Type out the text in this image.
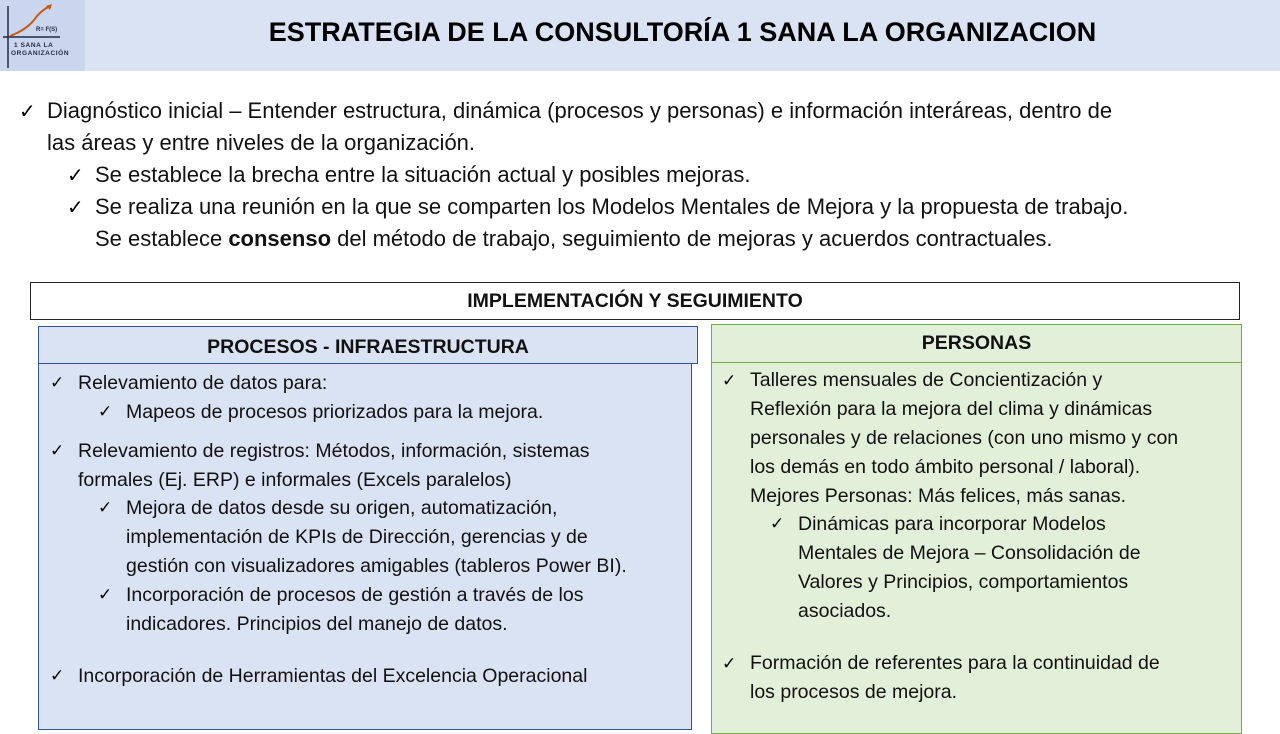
R= F(S)
1 SANA LA
ORGANIZACIÓN
ESTRATEGIA DE LA CONSULTORÍA 1 SANA LA ORGANIZACION
✓ Diagnóstico inicial – Entender estructura, dinámica (procesos y personas) e información interáreas, dentro de
las áreas y entre niveles de la organización.
✓ Se establece la brecha entre la situación actual y posibles mejoras.
✓ Se realiza una reunión en la que se comparten los Modelos Mentales de Mejora y la propuesta de trabajo.
Se establece consenso del método de trabajo, seguimiento de mejoras y acuerdos contractuales.
IMPLEMENTACIÓN Y SEGUIMIENTO
PROCESOS - INFRAESTRUCTURA
✓ Relevamiento de datos para:
✓ Mapeos de procesos priorizados para la mejora.
✓ Relevamiento de registros: Métodos, información, sistemas
formales (Ej. ERP) e informales (Excels paralelos)
✓ Mejora de datos desde su origen, automatización,
implementación de KPIs de Dirección, gerencias y de
gestión con visualizadores amigables (tableros Power BI).
✓ Incorporación de procesos de gestión a través de los
indicadores. Principios del manejo de datos.
✓ Incorporación de Herramientas del Excelencia Operacional
PERSONAS
✓ Talleres mensuales de Concientización y
Reflexión para la mejora del clima y dinámicas
personales y de relaciones (con uno mismo y con
los demás en todo ámbito personal / laboral).
Mejores Personas: Más felices, más sanas.
✓ Dinámicas para incorporar Modelos
Mentales de Mejora – Consolidación de
Valores y Principios, comportamientos
asociados.
✓ Formación de referentes para la continuidad de
los procesos de mejora.
